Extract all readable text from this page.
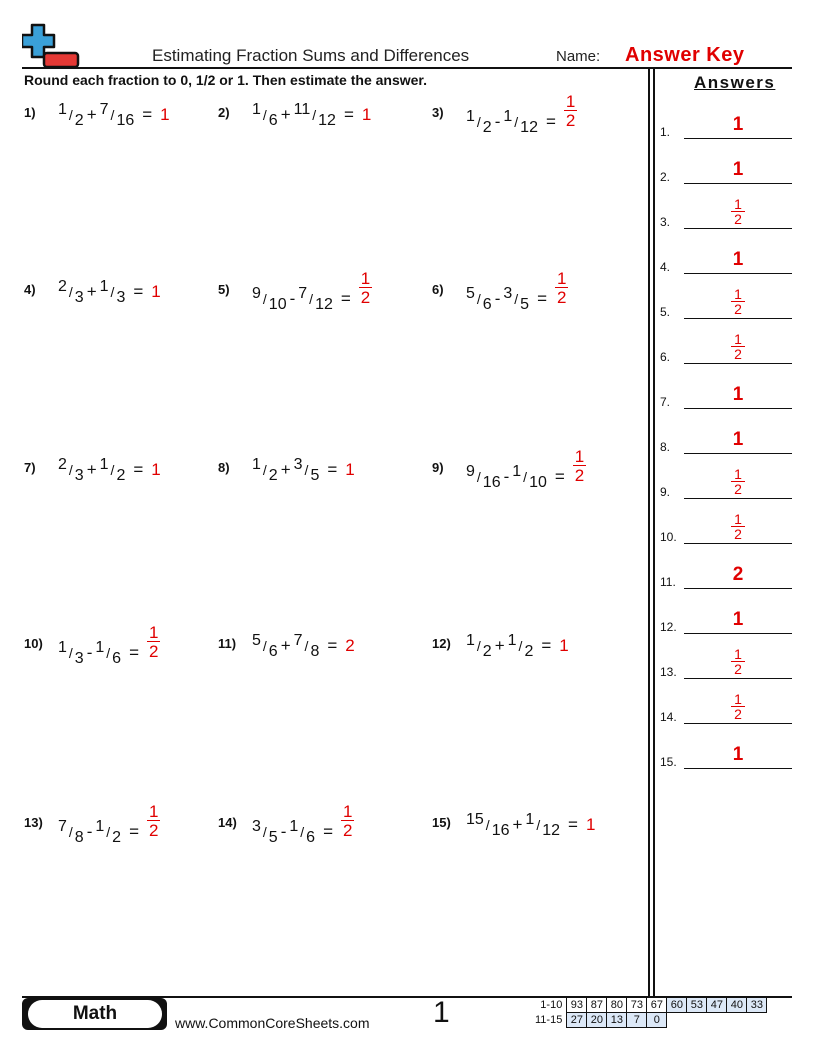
Estimating Fraction Sums and Differences	Name: Answer Key
Round each fraction to 0, 1/2 or 1. Then estimate the answer.	Answers
1) 1 / 2 + 7 / 16 = 1	2) 1 / 6 + 11 / 12 = 1	3) $1 / 2 - 1 / 12 = \frac{1}{2}$
4) 2 / 3 + 1 / 3 = 1	5) $9 / 10 - 7 / 12 = \frac{1}{2}$	6) $5 / 6 - 3 / 5 = \frac{1}{2}$
7) 2 / 3 + 1 / 2 = 1	8) 1 / 2 + 3 / 5 = 1	9) $9 / 16 - 1 / 10 = \frac{1}{2}$
10) $1 / 3 - 1 / 6 = \frac{1}{2}$	11) 5 / 6 + 7 / 8 = 2	12) 1 / 2 + 1 / 2 = 1
13) $7 / 8 - 1 / 2 = \frac{1}{2}$	14) $3 / 5 - 1 / 6 = \frac{1}{2}$	15) 15 / 16 + 1 / 12 = 1
1.	1
2.	1
3. $\frac{1}{2}$
4.	1
5. $\frac{1}{2}$
6. $\frac{1}{2}$
7.	1
8.	1
9. $\frac{1}{2}$
10. $\frac{1}{2}$
11.	2
12.	1
13. $\frac{1}{2}$
14. $\frac{1}{2}$
15.	1
Math	www.CommonCoreSheets.com 1	1-10	93	87	80	73	67	60	53	47	40	33
11-15	27	20	13	7	0					
